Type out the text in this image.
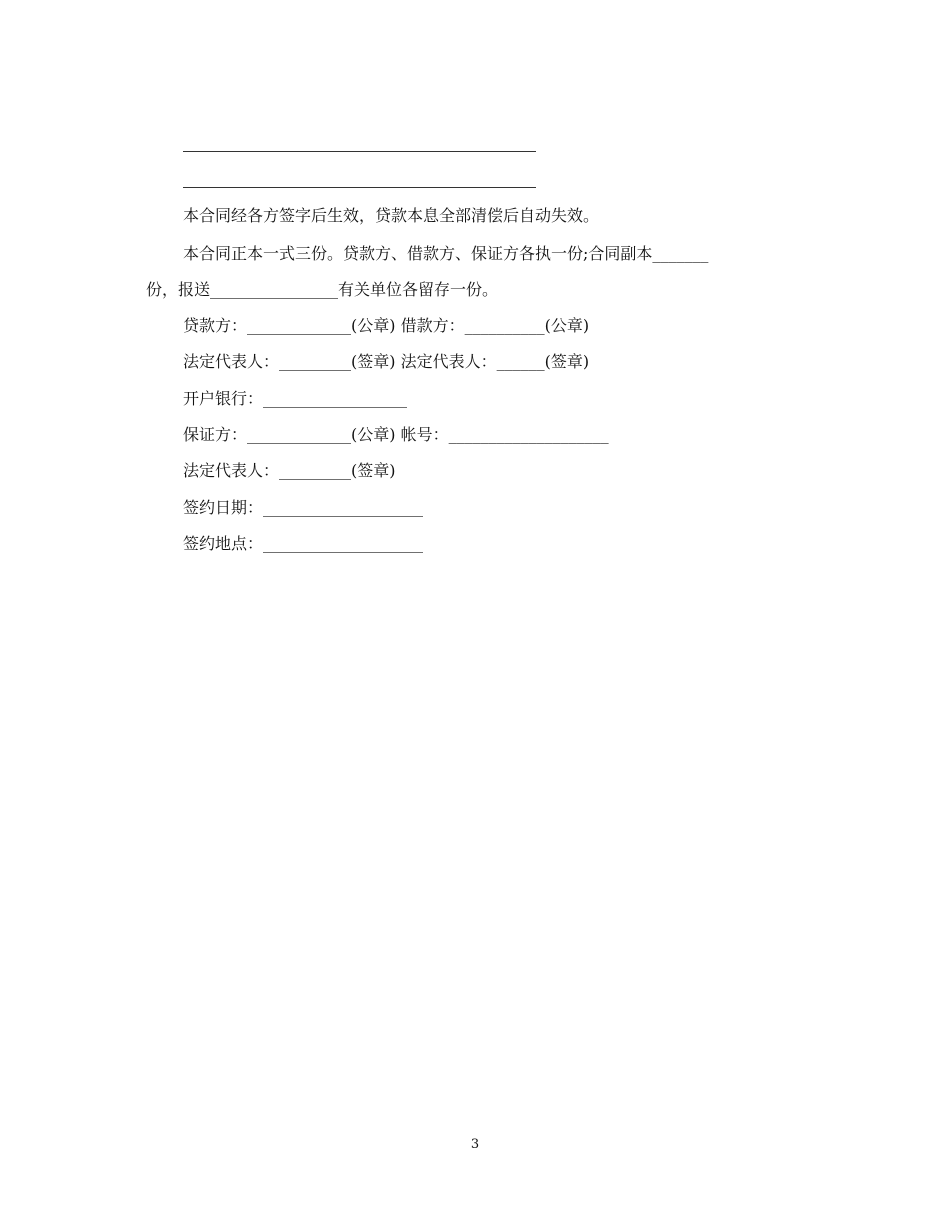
本合同经各方签字后生效，贷款本息全部清偿后自动失效。
本合同正本一式三份。贷款方、借款方、保证方各执一份;合同副本_______
份，报送________________有关单位各留存一份。
贷款方：_____________(公章) 借款方：__________(公章)
法定代表人：_________(签章) 法定代表人：______(签章)
开户银行：__________________
保证方：_____________(公章) 帐号：____________________
法定代表人：_________(签章)
签约日期：____________________
签约地点：____________________
3
